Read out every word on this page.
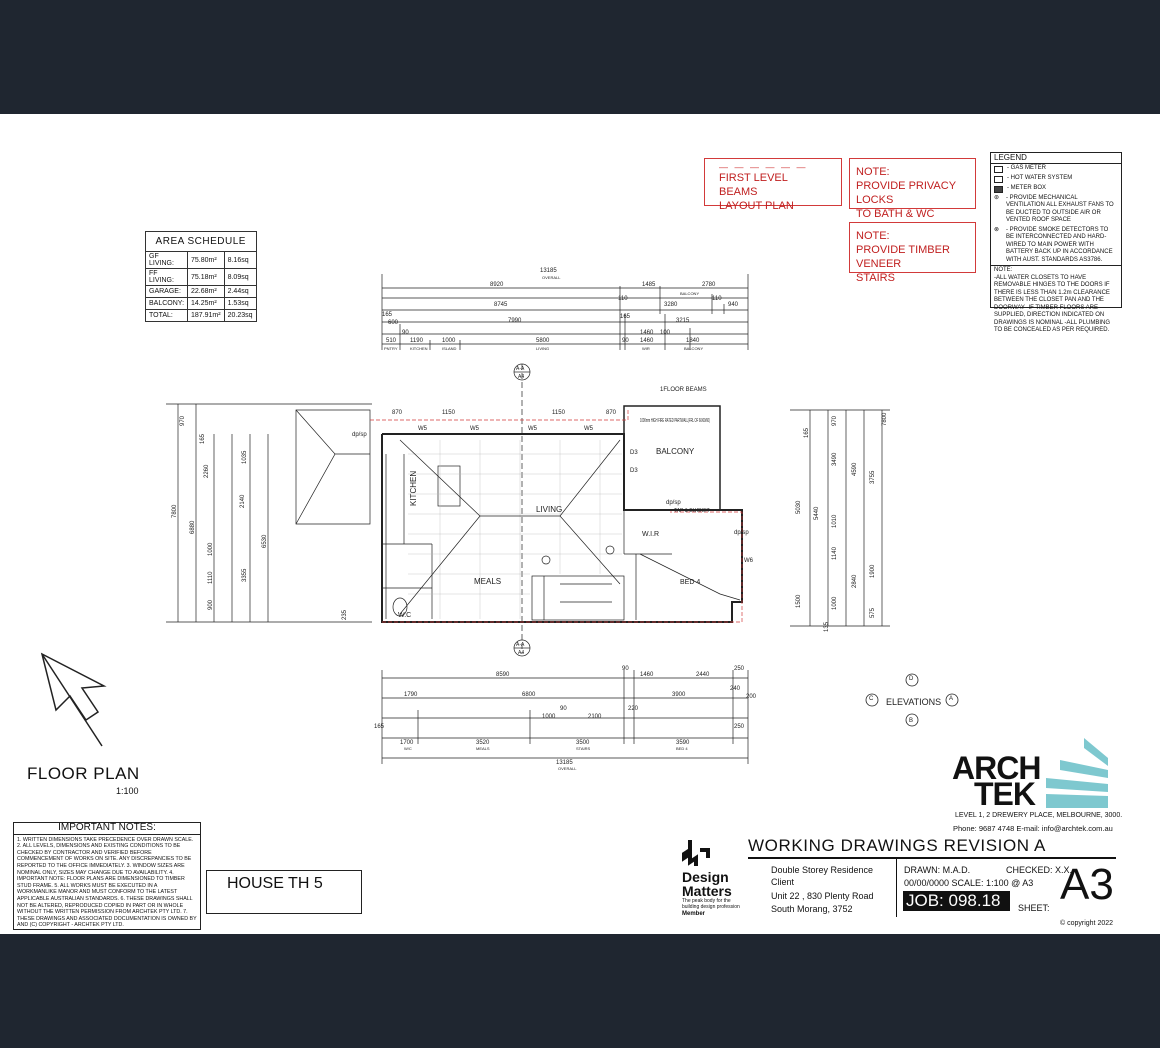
— — — — — —
FIRST LEVEL BEAMS
LAYOUT PLAN
NOTE:
PROVIDE PRIVACY LOCKS
TO BATH & WC
NOTE:
PROVIDE TIMBER VENEER
STAIRS
LEGEND
- GAS METER
- HOT WATER SYSTEM
- METER BOX
⊛	- PROVIDE MECHANICAL VENTILATION ALL EXHAUST FANS TO BE DUCTED TO OUTSIDE AIR OR VENTED ROOF SPACE
⊗	- PROVIDE SMOKE DETECTORS TO BE INTERCONNECTED AND HARD-WIRED TO MAIN POWER WITH BATTERY BACK UP IN ACCORDANCE WITH AUST. STANDARDS AS3786.
NOTE:
-ALL WATER CLOSETS TO HAVE REMOVABLE HINGES TO THE DOORS IF THERE IS LESS THAN 1.2m CLEARANCE BETWEEN THE CLOSET PAN AND THE DOORWAY -IF TIMBER FLOORS ARE SUPPLIED, DIRECTION INDICATED ON DRAWINGS IS NOMINAL -ALL PLUMBING TO BE CONCEALED AS PER REQUIRED.
AREA SCHEDULE		
GF LIVING:	75.80m²	8.16sq
FF LIVING:	75.18m²	8.09sq
GARAGE:	22.68m²	2.44sq
BALCONY:	14.25m²	1.53sq
TOTAL:	187.91m²	20.23sq
13185
OVERALL
8920	1485	2780
BALCONY
8745
110
3280
110
940
165
7990
165
3215
600
90	1460 100
510 1190	1000	5800	90 1460	1840
PNTRY	KITCHEN	ISLAND	LIVING	WIR	BALCONY
870	1150	1150	870
W5	W5	W5	W5
1FLOOR BEAMS
dp/sp
dp/sp
dp/sp
TAP & BUCKET
W6
D3
D3
KITCHEN
LIVING
MEALS
BALCONY
W.I.R
BED 4
W.C
1000mm HIGH FIRE RATED PARTWALL(FRL OF 60/60/60)
A-A
A4
A-A
A4
8590
90
1460	2440
250
1790	6800	3900
240
200
90
1000	2100
220
165
1700	3520	3500	3590
250
W/C	MEALS	STAIRS	BED 4
13185
OVERALL
970
165
2260
1035
7800
6880
2140
6530
1000
3355
1110
900
235
970
165
3490
4590
3755
7800
5030 5440
1010
1140
2840
1900
1500	1000
575
135
D
A
B
C ELEVATIONS
FLOOR PLAN
1:100
IMPORTANT NOTES:
1. WRITTEN DIMENSIONS TAKE PRECEDENCE OVER DRAWN SCALE. 2. ALL LEVELS, DIMENSIONS AND EXISTING CONDITIONS TO BE CHECKED BY CONTRACTOR AND VERIFIED BEFORE COMMENCEMENT OF WORKS ON SITE. ANY DISCREPANCIES TO BE REPORTED TO THE OFFICE IMMEDIATELY. 3. WINDOW SIZES ARE NOMINAL ONLY, SIZES MAY CHANGE DUE TO AVAILABILITY. 4. IMPORTANT NOTE: FLOOR PLANS ARE DIMENSIONED TO TIMBER STUD FRAME. 5. ALL WORKS MUST BE EXECUTED IN A WORKMANLIKE MANOR AND MUST CONFORM TO THE LATEST APPLICABLE AUSTRALIAN STANDARDS. 6. THESE DRAWINGS SHALL NOT BE ALTERED, REPRODUCED COPIED IN PART OR IN WHOLE WITHOUT THE WRITTEN PERMISSION FROM ARCHTEK PTY LTD. 7. THESE DRAWINGS AND ASSOCIATED DOCUMENTATION IS OWNED BY AND (C) COPYRIGHT - ARCHTEK PTY LTD.
HOUSE TH 5	Design
Matters
The peak body for the
building design profession
Member
ARCH
TEK
LEVEL 1, 2 DREWERY PLACE, MELBOURNE, 3000.
Phone: 9687 4748 E-mail: info@archtek.com.au
WORKING DRAWINGS REVISION A
Double Storey Residence
Client
Unit 22 , 830 Plenty Road
South Morang, 3752
DRAWN: M.A.D.	CHECKED: X.X.
00/00/0000 SCALE: 1:100 @ A3
JOB: 098.18	SHEET: A3
© copyright 2022
